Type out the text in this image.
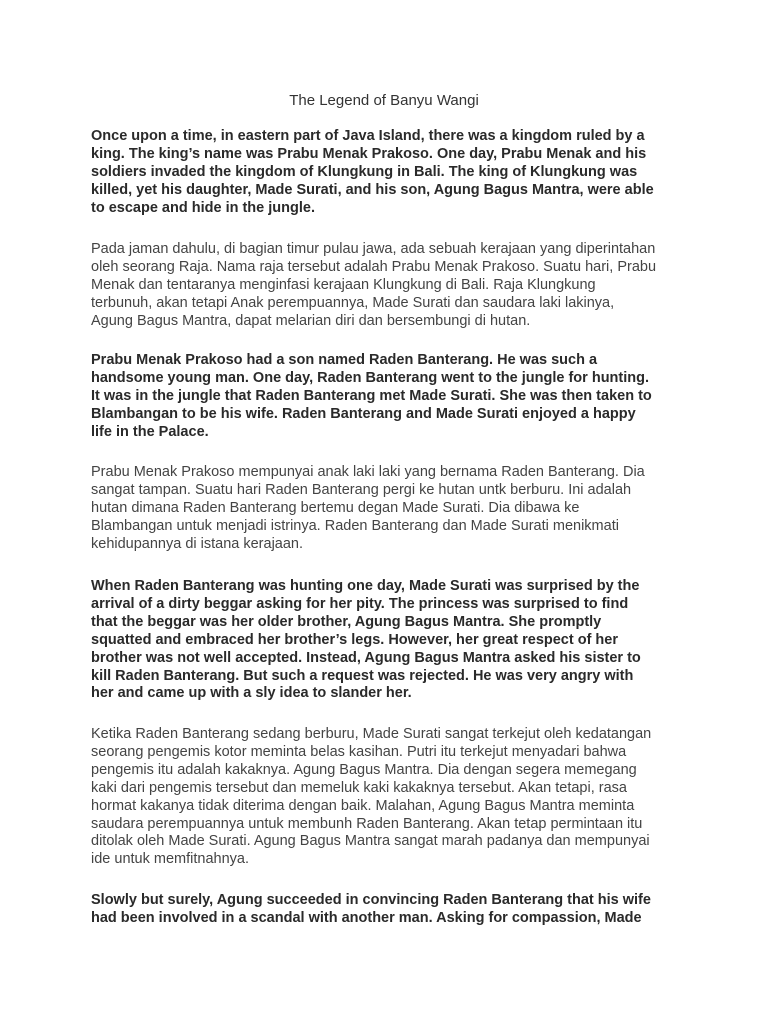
The Legend of Banyu Wangi

Once upon a time, in eastern part of Java Island, there was a kingdom ruled by a
king. The king’s name was Prabu Menak Prakoso. One day, Prabu Menak and his
soldiers invaded the kingdom of Klungkung in Bali. The king of Klungkung was
killed, yet his daughter, Made Surati, and his son, Agung Bagus Mantra, were able
to escape and hide in the jungle.

Pada jaman dahulu, di bagian timur pulau jawa, ada sebuah kerajaan yang diperintahan
oleh seorang Raja. Nama raja tersebut adalah Prabu Menak Prakoso. Suatu hari, Prabu
Menak dan tentaranya menginfasi kerajaan Klungkung di Bali. Raja Klungkung
terbunuh, akan tetapi Anak perempuannya, Made Surati dan saudara laki lakinya,
Agung Bagus Mantra, dapat melarian diri dan bersembungi di hutan.

Prabu Menak Prakoso had a son named Raden Banterang. He was such a
handsome young man. One day, Raden Banterang went to the jungle for hunting.
It was in the jungle that Raden Banterang met Made Surati. She was then taken to
Blambangan to be his wife. Raden Banterang and Made Surati enjoyed a happy
life in the Palace.

Prabu Menak Prakoso mempunyai anak laki laki yang bernama Raden Banterang. Dia
sangat tampan. Suatu hari Raden Banterang pergi ke hutan untk berburu. Ini adalah
hutan dimana Raden Banterang bertemu degan Made Surati. Dia dibawa ke
Blambangan untuk menjadi istrinya. Raden Banterang dan Made Surati menikmati
kehidupannya di istana kerajaan.

When Raden Banterang was hunting one day, Made Surati was surprised by the
arrival of a dirty beggar asking for her pity. The princess was surprised to find
that the beggar was her older brother, Agung Bagus Mantra. She promptly
squatted and embraced her brother’s legs. However, her great respect of her
brother was not well accepted. Instead, Agung Bagus Mantra asked his sister to
kill Raden Banterang. But such a request was rejected. He was very angry with
her and came up with a sly idea to slander her.

Ketika Raden Banterang sedang berburu, Made Surati sangat terkejut oleh kedatangan
seorang pengemis kotor meminta belas kasihan. Putri itu terkejut menyadari bahwa
pengemis itu adalah kakaknya. Agung Bagus Mantra. Dia dengan segera memegang
kaki dari pengemis tersebut dan memeluk kaki kakaknya tersebut. Akan tetapi, rasa
hormat kakanya tidak diterima dengan baik. Malahan, Agung Bagus Mantra meminta
saudara perempuannya untuk membunh Raden Banterang. Akan tetap permintaan itu
ditolak oleh Made Surati. Agung Bagus Mantra sangat marah padanya dan mempunyai
ide untuk memfitnahnya.

Slowly but surely, Agung succeeded in convincing Raden Banterang that his wife
had been involved in a scandal with another man. Asking for compassion, Made
